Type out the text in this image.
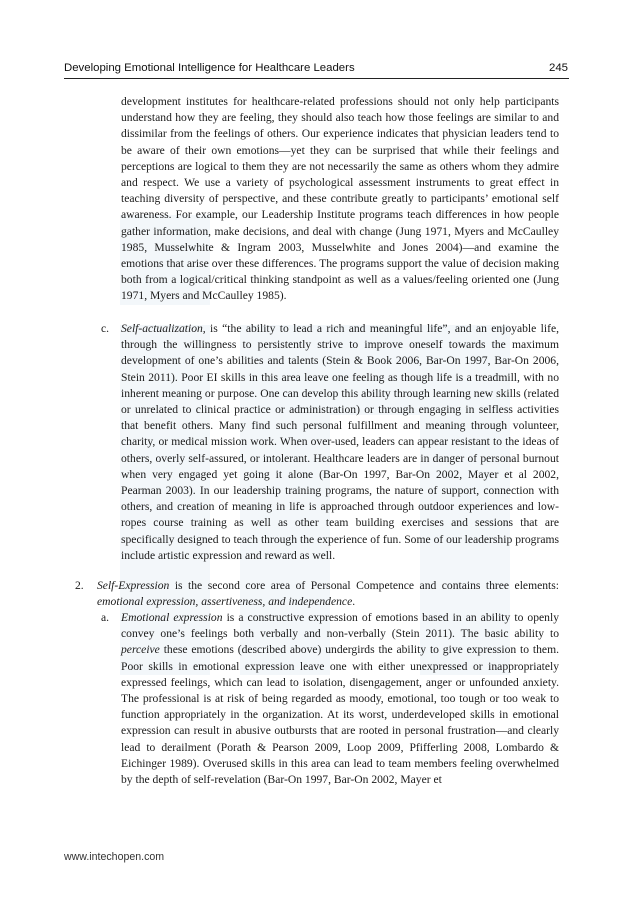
Developing Emotional Intelligence for Healthcare Leaders	245

development institutes for healthcare-related professions should not only help participants understand how they are feeling, they should also teach how those feelings are similar to and dissimilar from the feelings of others. Our experience indicates that physician leaders tend to be aware of their own emotions—yet they can be surprised that while their feelings and perceptions are logical to them they are not necessarily the same as others whom they admire and respect. We use a variety of psychological assessment instruments to great effect in teaching diversity of perspective, and these contribute greatly to participants’ emotional self awareness. For example, our Leadership Institute programs teach differences in how people gather information, make decisions, and deal with change (Jung 1971, Myers and McCaulley 1985, Musselwhite & Ingram 2003, Musselwhite and Jones 2004)—and examine the emotions that arise over these differences. The programs support the value of decision making both from a logical/critical thinking standpoint as well as a values/feeling oriented one (Jung 1971, Myers and McCaulley 1985).

c. Self-actualization, is “the ability to lead a rich and meaningful life”, and an enjoyable life, through the willingness to persistently strive to improve oneself towards the maximum development of one’s abilities and talents (Stein & Book 2006, Bar-On 1997, Bar-On 2006, Stein 2011). Poor EI skills in this area leave one feeling as though life is a treadmill, with no inherent meaning or purpose. One can develop this ability through learning new skills (related or unrelated to clinical practice or administration) or through engaging in selfless activities that benefit others. Many find such personal fulfillment and meaning through volunteer, charity, or medical mission work. When over-used, leaders can appear resistant to the ideas of others, overly self-assured, or intolerant. Healthcare leaders are in danger of personal burnout when very engaged yet going it alone (Bar-On 1997, Bar-On 2002, Mayer et al 2002, Pearman 2003). In our leadership training programs, the nature of support, connection with others, and creation of meaning in life is approached through outdoor experiences and low-ropes course training as well as other team building exercises and sessions that are specifically designed to teach through the experience of fun. Some of our leadership programs include artistic expression and reward as well.

2. Self-Expression is the second core area of Personal Competence and contains three elements: emotional expression, assertiveness, and independence.

a. Emotional expression is a constructive expression of emotions based in an ability to openly convey one’s feelings both verbally and non-verbally (Stein 2011). The basic ability to perceive these emotions (described above) undergirds the ability to give expression to them. Poor skills in emotional expression leave one with either unexpressed or inappropriately expressed feelings, which can lead to isolation, disengagement, anger or unfounded anxiety. The professional is at risk of being regarded as moody, emotional, too tough or too weak to function appropriately in the organization. At its worst, underdeveloped skills in emotional expression can result in abusive outbursts that are rooted in personal frustration—and clearly lead to derailment (Porath & Pearson 2009, Loop 2009, Pfifferling 2008, Lombardo & Eichinger 1989). Overused skills in this area can lead to team members feeling overwhelmed by the depth of self-revelation (Bar-On 1997, Bar-On 2002, Mayer et

www.intechopen.com
